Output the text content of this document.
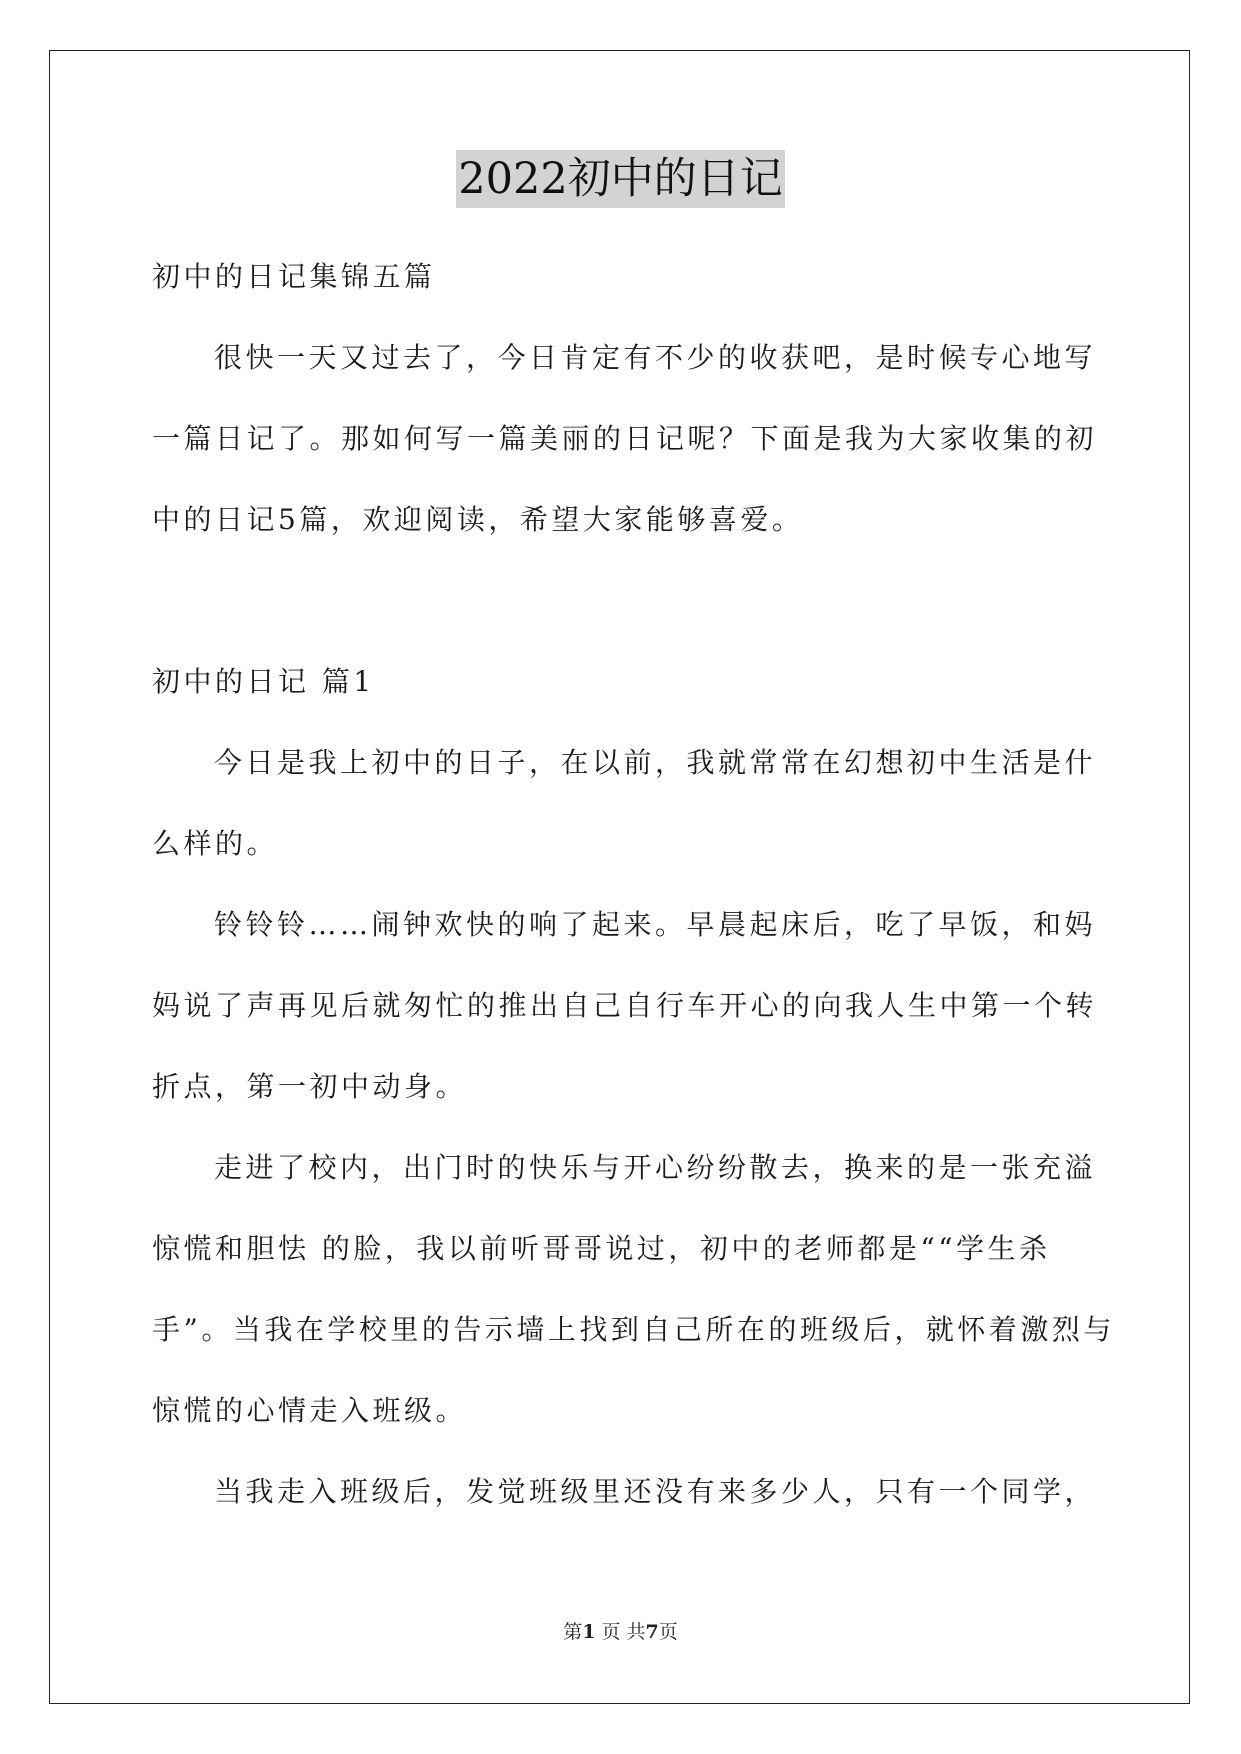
2022初中的日记
初中的日记集锦五篇
很快一天又过去了，今日肯定有不少的收获吧，是时候专心地写
一篇日记了。那如何写一篇美丽的日记呢？下面是我为大家收集的初
中的日记5篇，欢迎阅读，希望大家能够喜爱。
初中的日记 篇1
今日是我上初中的日子，在以前，我就常常在幻想初中生活是什
么样的。
铃铃铃……闹钟欢快的响了起来。早晨起床后，吃了早饭，和妈
妈说了声再见后就匆忙的推出自己自行车开心的向我人生中第一个转
折点，第一初中动身。
走进了校内，出门时的快乐与开心纷纷散去，换来的是一张充溢
惊慌和胆怯 的脸，我以前听哥哥说过，初中的老师都是““学生杀
手”。当我在学校里的告示墙上找到自己所在的班级后，就怀着激烈与
惊慌的心情走入班级。
当我走入班级后，发觉班级里还没有来多少人，只有一个同学，
第1 页 共7页
